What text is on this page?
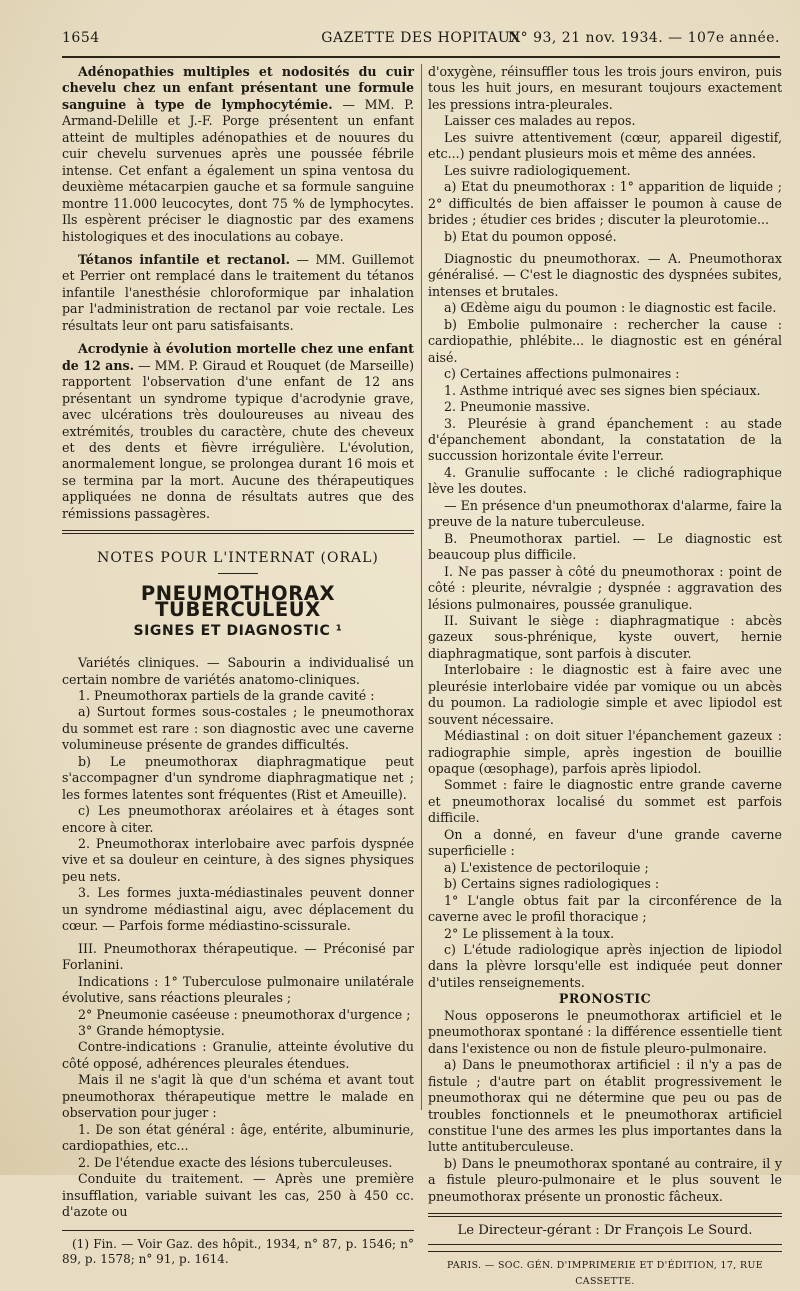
1654	GAZETTE DES HOPITAUX
N° 93, 21 nov. 1934. — 107e année.

Adénopathies multiples et nodosités du cuir chevelu chez un enfant présentant une formule sanguine à type de lymphocytémie. — MM. P. Armand-Delille et J.-F. Porge présentent un enfant atteint de multiples adénopathies et de nouures du cuir chevelu survenues après une poussée fébrile intense. Cet enfant a également un spina ventosa du deuxième métacarpien gauche et sa formule sanguine montre 11.000 leucocytes, dont 75 % de lymphocytes. Ils espèrent préciser le diagnostic par des examens histologiques et des inoculations au cobaye.

Tétanos infantile et rectanol. — MM. Guillemot et Perrier ont remplacé dans le traitement du tétanos infantile l'anesthésie chloroformique par inhalation par l'administration de rectanol par voie rectale. Les résultats leur ont paru satisfaisants.

Acrodynie à évolution mortelle chez une enfant de 12 ans. — MM. P. Giraud et Rouquet (de Marseille) rapportent l'observation d'une enfant de 12 ans présentant un syndrome typique d'acrodynie grave, avec ulcérations très douloureuses au niveau des extrémités, troubles du caractère, chute des cheveux et des dents et fièvre irrégulière. L'évolution, anormalement longue, se prolongea durant 16 mois et se termina par la mort. Aucune des thérapeutiques appliquées ne donna de résultats autres que des rémissions passagères.

NOTES POUR L'INTERNAT (ORAL)
PNEUMOTHORAX TUBERCULEUX
SIGNES ET DIAGNOSTIC ¹

Variétés cliniques. — Sabourin a individualisé un certain nombre de variétés anatomo-cliniques.

1. Pneumothorax partiels de la grande cavité :

a) Surtout formes sous-costales ; le pneumothorax du sommet est rare : son diagnostic avec une caverne volumineuse présente de grandes difficultés.

b) Le pneumothorax diaphragmatique peut s'accompagner d'un syndrome diaphragmatique net ; les formes latentes sont fréquentes (Rist et Ameuille).

c) Les pneumothorax aréolaires et à étages sont encore à citer.

2. Pneumothorax interlobaire avec parfois dyspnée vive et sa douleur en ceinture, à des signes physiques peu nets.

3. Les formes juxta-médiastinales peuvent donner un syndrome médiastinal aigu, avec déplacement du cœur. — Parfois forme médiastino-scissurale.

III. Pneumothorax thérapeutique. — Préconisé par Forlanini.

Indications : 1° Tuberculose pulmonaire unilatérale évolutive, sans réactions pleurales ;

2° Pneumonie caséeuse : pneumothorax d'urgence ;

3° Grande hémoptysie.

Contre-indications : Granulie, atteinte évolutive du côté opposé, adhérences pleurales étendues.

Mais il ne s'agit là que d'un schéma et avant tout pneumothorax thérapeutique mettre le malade en observation pour juger :

1. De son état général : âge, entérite, albuminurie, cardiopathies, etc...

2. De l'étendue exacte des lésions tuberculeuses.

Conduite du traitement. — Après une première insufflation, variable suivant les cas, 250 à 450 cc. d'azote ou

(1) Fin. — Voir Gaz. des hôpit., 1934, n° 87, p. 1546; n° 89, p. 1578; n° 91, p. 1614.

d'oxygène, réinsuffler tous les trois jours environ, puis tous les huit jours, en mesurant toujours exactement les pressions intra-pleurales.

Laisser ces malades au repos.

Les suivre attentivement (cœur, appareil digestif, etc...) pendant plusieurs mois et même des années.

Les suivre radiologiquement.

a) Etat du pneumothorax : 1° apparition de liquide ; 2° difficultés de bien affaisser le poumon à cause de brides ; étudier ces brides ; discuter la pleurotomie...

b) Etat du poumon opposé.

Diagnostic du pneumothorax. — A. Pneumothorax généralisé. — C'est le diagnostic des dyspnées subites, intenses et brutales.

a) Œdème aigu du poumon : le diagnostic est facile.

b) Embolie pulmonaire : rechercher la cause : cardiopathie, phlébite... le diagnostic est en général aisé.

c) Certaines affections pulmonaires :

1. Asthme intriqué avec ses signes bien spéciaux.

2. Pneumonie massive.

3. Pleurésie à grand épanchement : au stade d'épanchement abondant, la constatation de la succussion horizontale évite l'erreur.

4. Granulie suffocante : le cliché radiographique lève les doutes.

— En présence d'un pneumothorax d'alarme, faire la preuve de la nature tuberculeuse.

B. Pneumothorax partiel. — Le diagnostic est beaucoup plus difficile.

I. Ne pas passer à côté du pneumothorax : point de côté : pleurite, névralgie ; dyspnée : aggravation des lésions pulmonaires, poussée granulique.

II. Suivant le siège : diaphragmatique : abcès gazeux sous-phrénique, kyste ouvert, hernie diaphragmatique, sont parfois à discuter.

Interlobaire : le diagnostic est à faire avec une pleurésie interlobaire vidée par vomique ou un abcès du poumon. La radiologie simple et avec lipiodol est souvent nécessaire.

Médiastinal : on doit situer l'épanchement gazeux : radiographie simple, après ingestion de bouillie opaque (œsophage), parfois après lipiodol.

Sommet : faire le diagnostic entre grande caverne et pneumothorax localisé du sommet est parfois difficile.

On a donné, en faveur d'une grande caverne superficielle :

a) L'existence de pectoriloquie ;

b) Certains signes radiologiques :

1° L'angle obtus fait par la circonférence de la caverne avec le profil thoracique ;

2° Le plissement à la toux.

c) L'étude radiologique après injection de lipiodol dans la plèvre lorsqu'elle est indiquée peut donner d'utiles renseignements.

PRONOSTIC

Nous opposerons le pneumothorax artificiel et le pneumothorax spontané : la différence essentielle tient dans l'existence ou non de fistule pleuro-pulmonaire.

a) Dans le pneumothorax artificiel : il n'y a pas de fistule ; d'autre part on établit progressivement le pneumothorax qui ne détermine que peu ou pas de troubles fonctionnels et le pneumothorax artificiel constitue l'une des armes les plus importantes dans la lutte antituberculeuse.

b) Dans le pneumothorax spontané au contraire, il y a fistule pleuro-pulmonaire et le plus souvent le pneumothorax présente un pronostic fâcheux.

Le Directeur-gérant : Dr François Le Sourd.

PARIS. — SOC. GÉN. D'IMPRIMERIE ET D'ÉDITION, 17, RUE CASSETTE.
